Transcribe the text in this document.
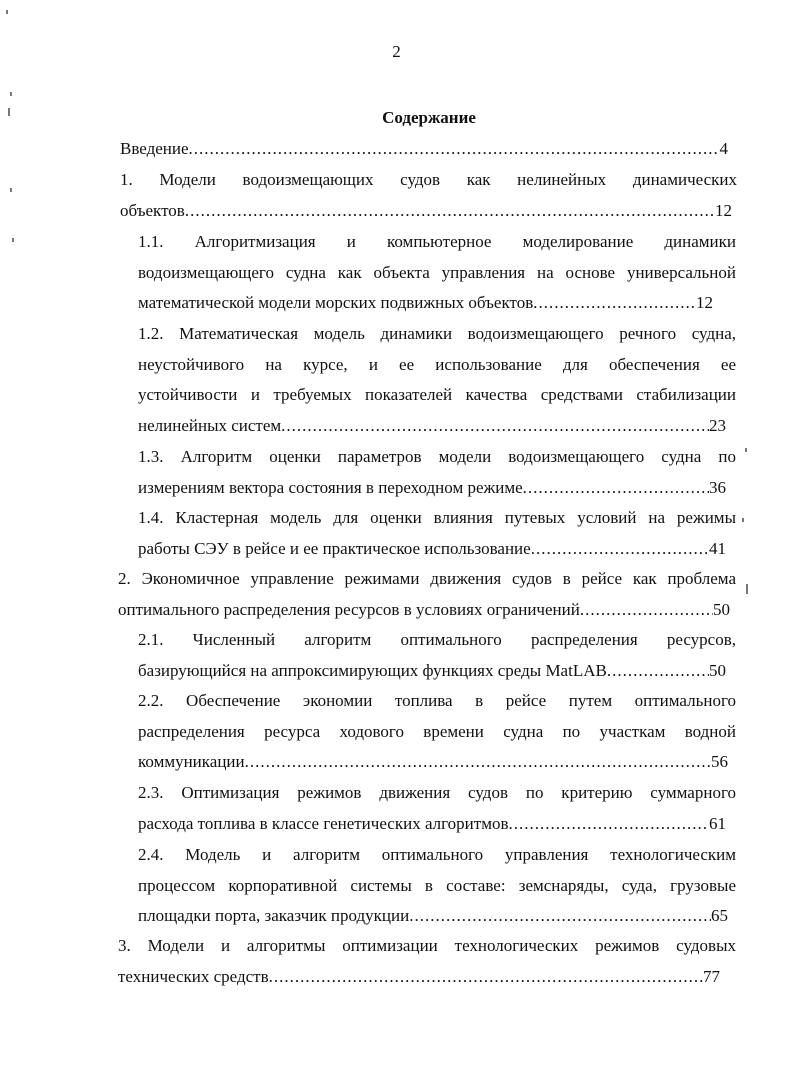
2
Содержание
Введение .....	4
1. Модели водоизмещающих судов как нелинейных динамических
объектов .....	12
1.1. Алгоритмизация и компьютерное моделирование динамики
водоизмещающего судна как объекта управления на основе универсальной
математической модели морских подвижных объектов .....	12
1.2. Математическая модель динамики водоизмещающего речного судна,
неустойчивого на курсе, и ее использование для обеспечения ее
устойчивости и требуемых показателей качества средствами стабилизации
нелинейных систем .....	23
1.3. Алгоритм оценки параметров модели водоизмещающего судна по
измерениям вектора состояния в переходном режиме .....	36
1.4. Кластерная модель для оценки влияния путевых условий на режимы
работы СЭУ в рейсе и ее практическое использование .....	41
2. Экономичное управление режимами движения судов в рейсе как проблема
оптимального распределения ресурсов в условиях ограничений .....	50
2.1. Численный алгоритм оптимального распределения ресурсов,
базирующийся на аппроксимирующих функциях среды MatLAB .....	50
2.2. Обеспечение экономии топлива в рейсе путем оптимального
распределения ресурса ходового времени судна по участкам водной
коммуникации .....	56
2.3. Оптимизация режимов движения судов по критерию суммарного
расхода топлива в классе генетических алгоритмов .....	61
2.4. Модель и алгоритм оптимального управления технологическим
процессом корпоративной системы в составе: земснаряды, суда, грузовые
площадки порта, заказчик продукции .....	65
3. Модели и алгоритмы оптимизации технологических режимов судовых
технических средств .....	77
